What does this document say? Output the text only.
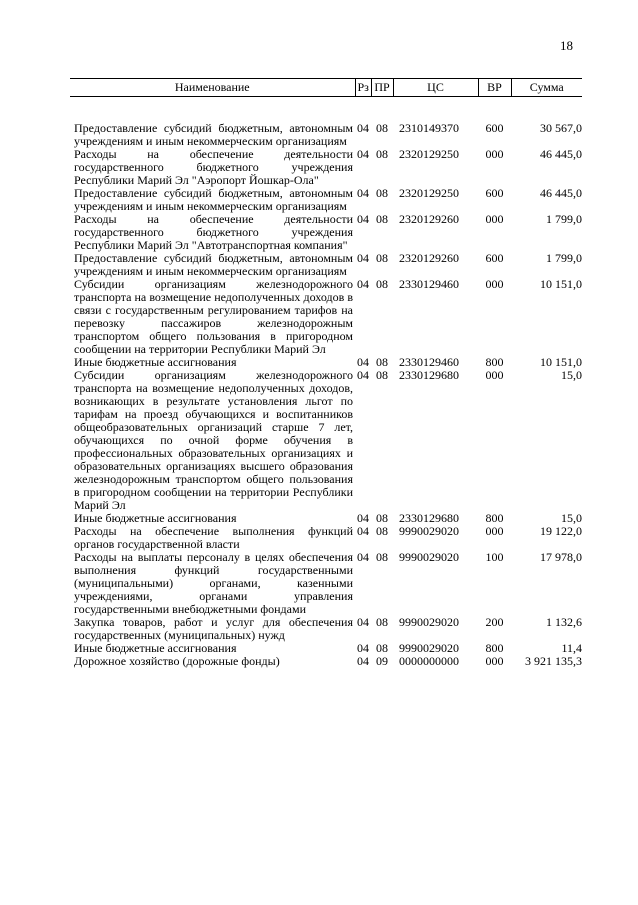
18
Наименование	Рз	ПР	ЦС	ВР	Сумма
Предоставление субсидий бюджетным, автономным учреждениям и иным некоммерческим организациям	04	08	2310149370	600	30 567,0
Расходы на обеспечение деятельности государственного бюджетного учреждения Республики Марий Эл "Аэропорт Йошкар-Ола"	04	08	2320129250	000	46 445,0
Предоставление субсидий бюджетным, автономным учреждениям и иным некоммерческим организациям	04	08	2320129250	600	46 445,0
Расходы на обеспечение деятельности государственного бюджетного учреждения Республики Марий Эл "Автотранспортная компания"	04	08	2320129260	000	1 799,0
Предоставление субсидий бюджетным, автономным учреждениям и иным некоммерческим организациям	04	08	2320129260	600	1 799,0
Субсидии организациям железнодорожного транспорта на возмещение недополученных доходов в связи с государственным регулированием тарифов на перевозку пассажиров железнодорожным транспортом общего пользования в пригородном сообщении на территории Республики Марий Эл	04	08	2330129460	000	10 151,0
Иные бюджетные ассигнования	04	08	2330129460	800	10 151,0
Субсидии организациям железнодорожного транспорта на возмещение недополученных доходов, возникающих в результате установления льгот по тарифам на проезд обучающихся и воспитанников общеобразовательных организаций старше 7 лет, обучающихся по очной форме обучения в профессиональных образовательных организациях и образовательных организациях высшего образования железнодорожным транспортом общего пользования в пригородном сообщении на территории Республики Марий Эл	04	08	2330129680	000	15,0
Иные бюджетные ассигнования	04	08	2330129680	800	15,0
Расходы на обеспечение выполнения функций органов государственной власти	04	08	9990029020	000	19 122,0
Расходы на выплаты персоналу в целях обеспечения выполнения функций государственными (муниципальными) органами, казенными учреждениями, органами управления государственными внебюджетными фондами	04	08	9990029020	100	17 978,0
Закупка товаров, работ и услуг для обеспечения государственных (муниципальных) нужд	04	08	9990029020	200	1 132,6
Иные бюджетные ассигнования	04	08	9990029020	800	11,4
Дорожное хозяйство (дорожные фонды)	04	09	0000000000	000	3 921 135,3
